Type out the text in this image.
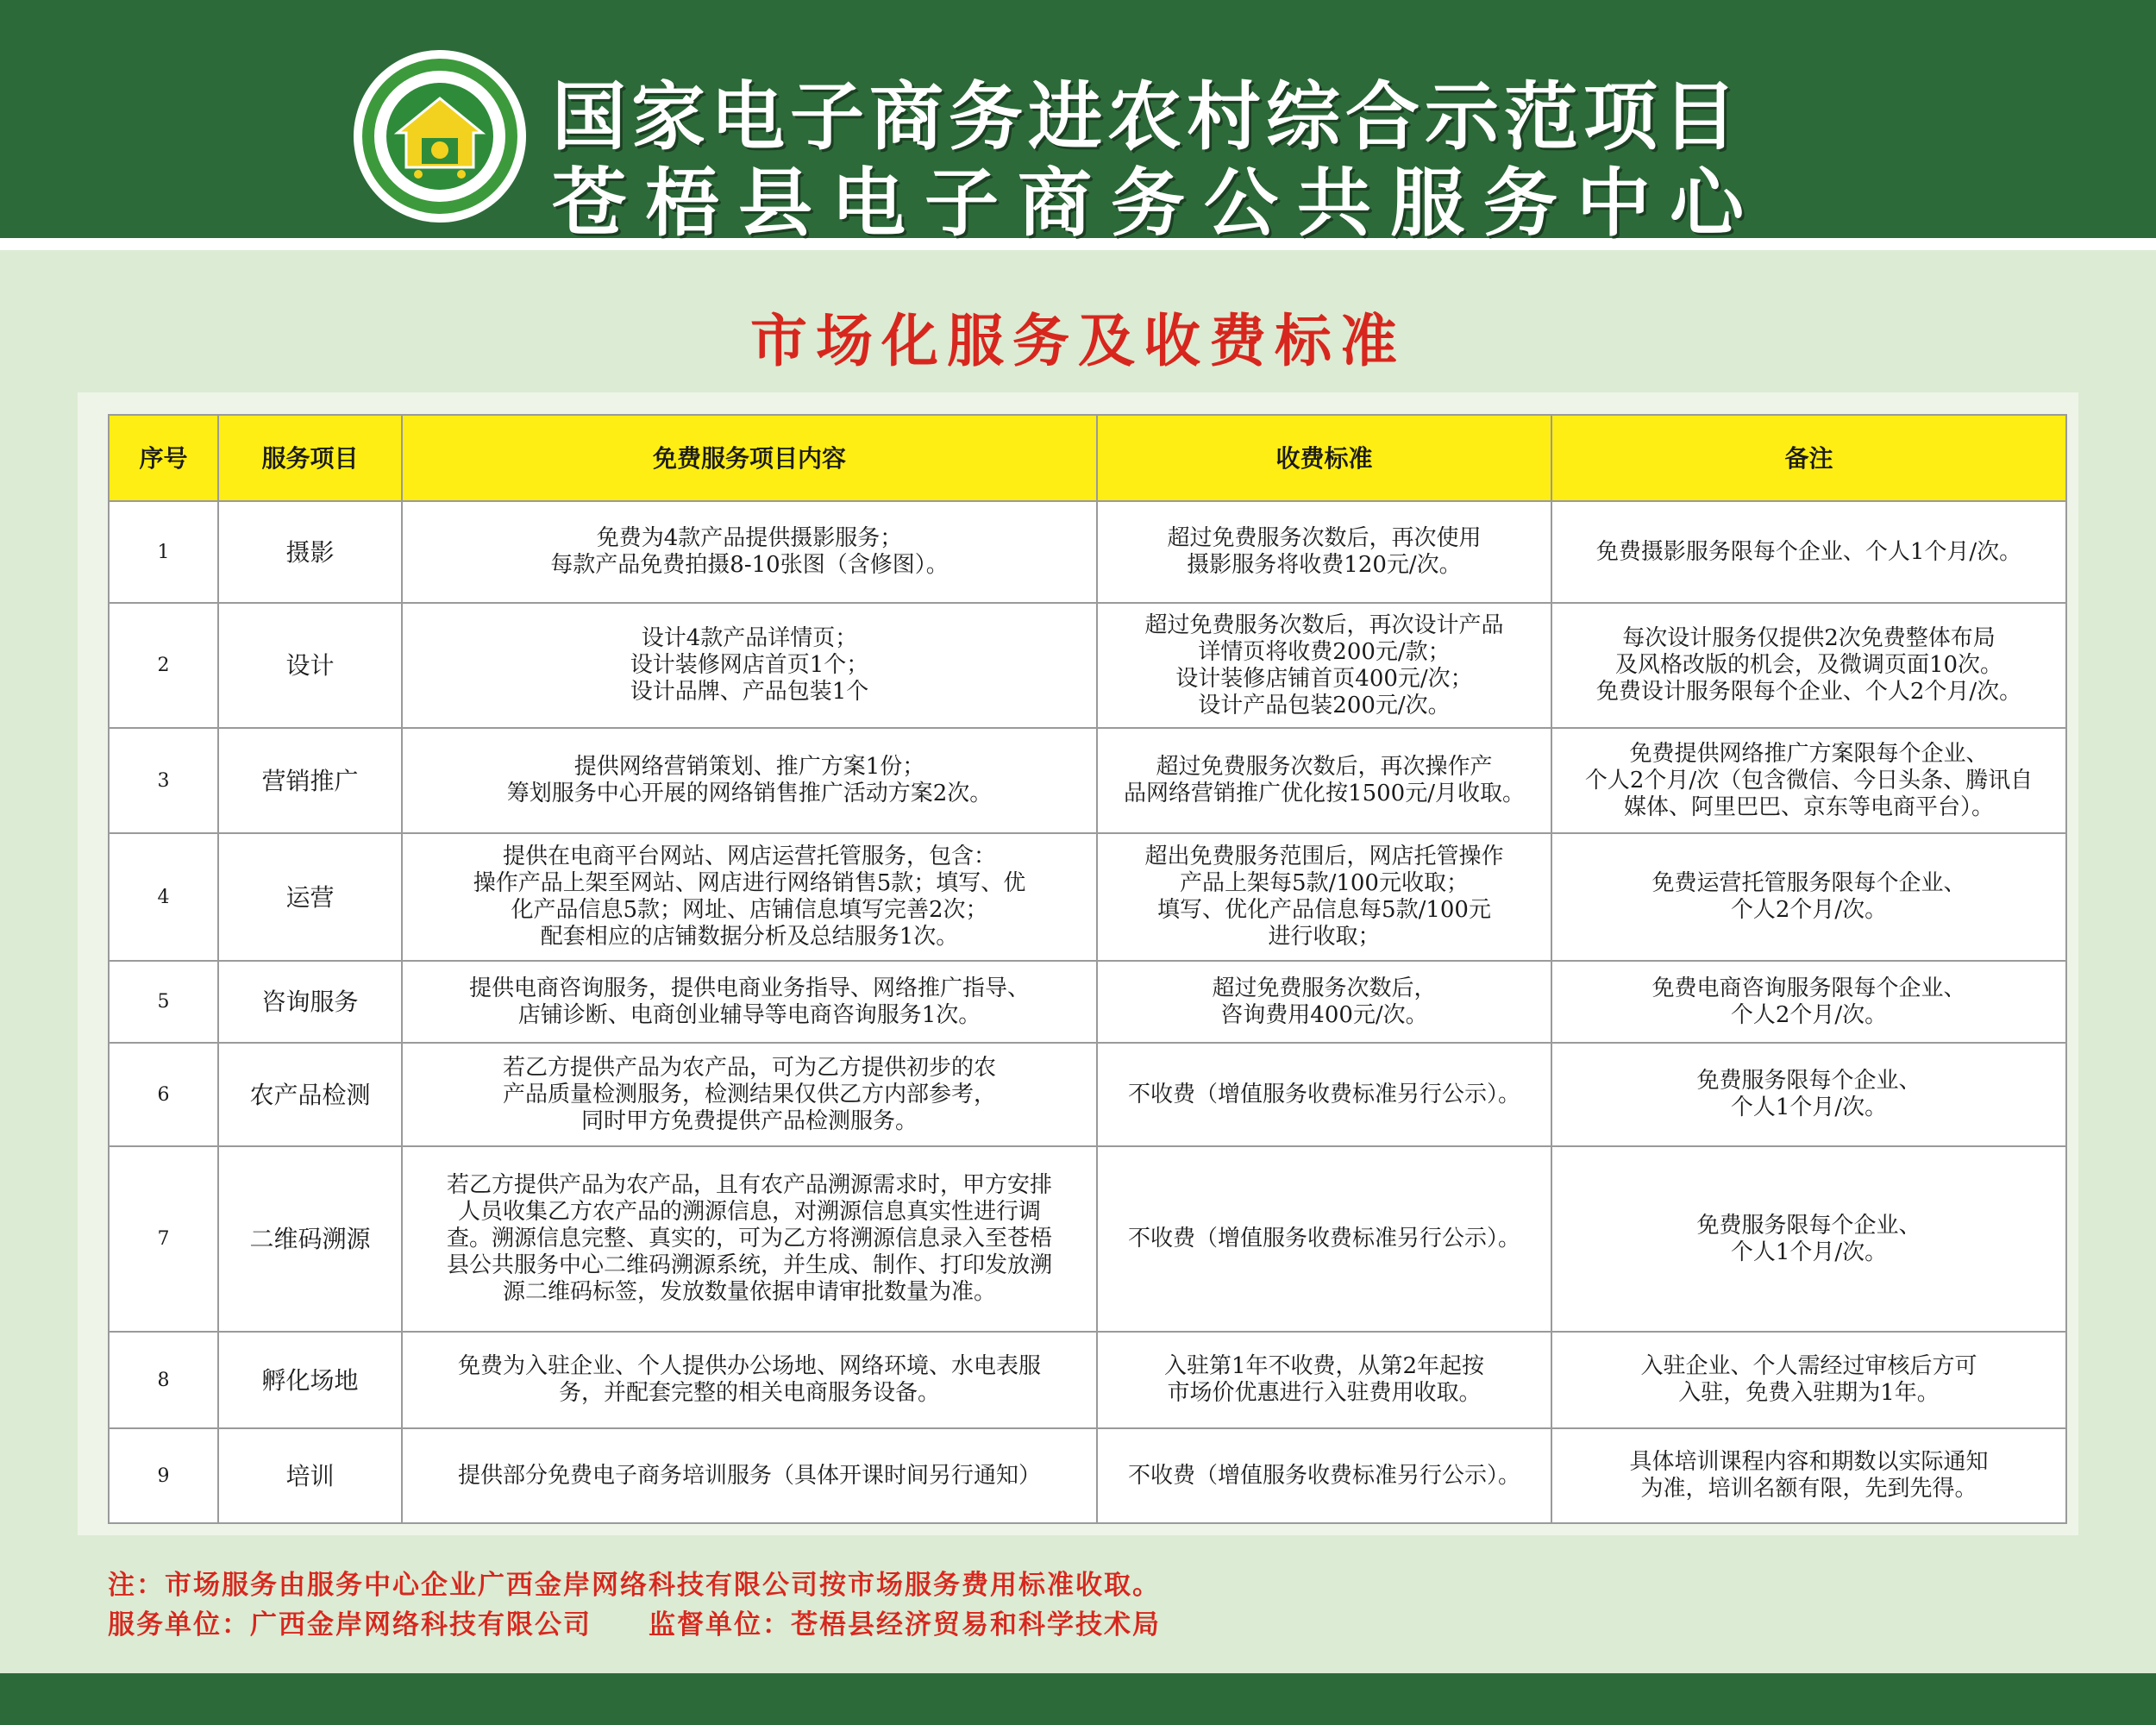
国家电子商务进农村综合示范项目
苍梧县电子商务公共服务中心
市场化服务及收费标准
序号	服务项目	免费服务项目内容	收费标准	备注
1	摄影	免费为4款产品提供摄影服务；
每款产品免费拍摄8-10张图（含修图）。	超过免费服务次数后，再次使用
摄影服务将收费120元/次。	免费摄影服务限每个企业、个人1个月/次。

2	设计	设计4款产品详情页；
设计装修网店首页1个；
设计品牌、产品包装1个	超过免费服务次数后，再次设计产品
详情页将收费200元/款；
设计装修店铺首页400元/次；
设计产品包装200元/次。	每次设计服务仅提供2次免费整体布局
及风格改版的机会，及微调页面10次。
免费设计服务限每个企业、个人2个月/次。

3	营销推广	提供网络营销策划、推广方案1份；
筹划服务中心开展的网络销售推广活动方案2次。	超过免费服务次数后，再次操作产
品网络营销推广优化按1500元/月收取。	免费提供网络推广方案限每个企业、
个人2个月/次（包含微信、今日头条、腾讯自
媒体、阿里巴巴、京东等电商平台）。

4	运营	提供在电商平台网站、网店运营托管服务，包含：
操作产品上架至网站、网店进行网络销售5款；填写、优
化产品信息5款；网址、店铺信息填写完善2次；
配套相应的店铺数据分析及总结服务1次。	超出免费服务范围后，网店托管操作
产品上架每5款/100元收取；
填写、优化产品信息每5款/100元
进行收取；	免费运营托管服务限每个企业、
个人2个月/次。

5	咨询服务	提供电商咨询服务，提供电商业务指导、网络推广指导、
店铺诊断、电商创业辅导等电商咨询服务1次。	超过免费服务次数后，
咨询费用400元/次。	免费电商咨询服务限每个企业、
个人2个月/次。

6	农产品检测	若乙方提供产品为农产品，可为乙方提供初步的农
产品质量检测服务，检测结果仅供乙方内部参考，
同时甲方免费提供产品检测服务。	不收费（增值服务收费标准另行公示）。	免费服务限每个企业、
个人1个月/次。

7	二维码溯源	若乙方提供产品为农产品，且有农产品溯源需求时，甲方安排
人员收集乙方农产品的溯源信息，对溯源信息真实性进行调
查。溯源信息完整、真实的，可为乙方将溯源信息录入至苍梧
县公共服务中心二维码溯源系统，并生成、制作、打印发放溯
源二维码标签，发放数量依据申请审批数量为准。	不收费（增值服务收费标准另行公示）。	免费服务限每个企业、
个人1个月/次。

8	孵化场地	免费为入驻企业、个人提供办公场地、网络环境、水电表服
务，并配套完整的相关电商服务设备。	入驻第1年不收费，从第2年起按
市场价优惠进行入驻费用收取。	入驻企业、个人需经过审核后方可
入驻，免费入驻期为1年。

9	培训	提供部分免费电子商务培训服务（具体开课时间另行通知）	不收费（增值服务收费标准另行公示）。	具体培训课程内容和期数以实际通知
为准，培训名额有限，先到先得。
注：市场服务由服务中心企业广西金岸网络科技有限公司按市场服务费用标准收取。
服务单位：广西金岸网络科技有限公司　　监督单位：苍梧县经济贸易和科学技术局
